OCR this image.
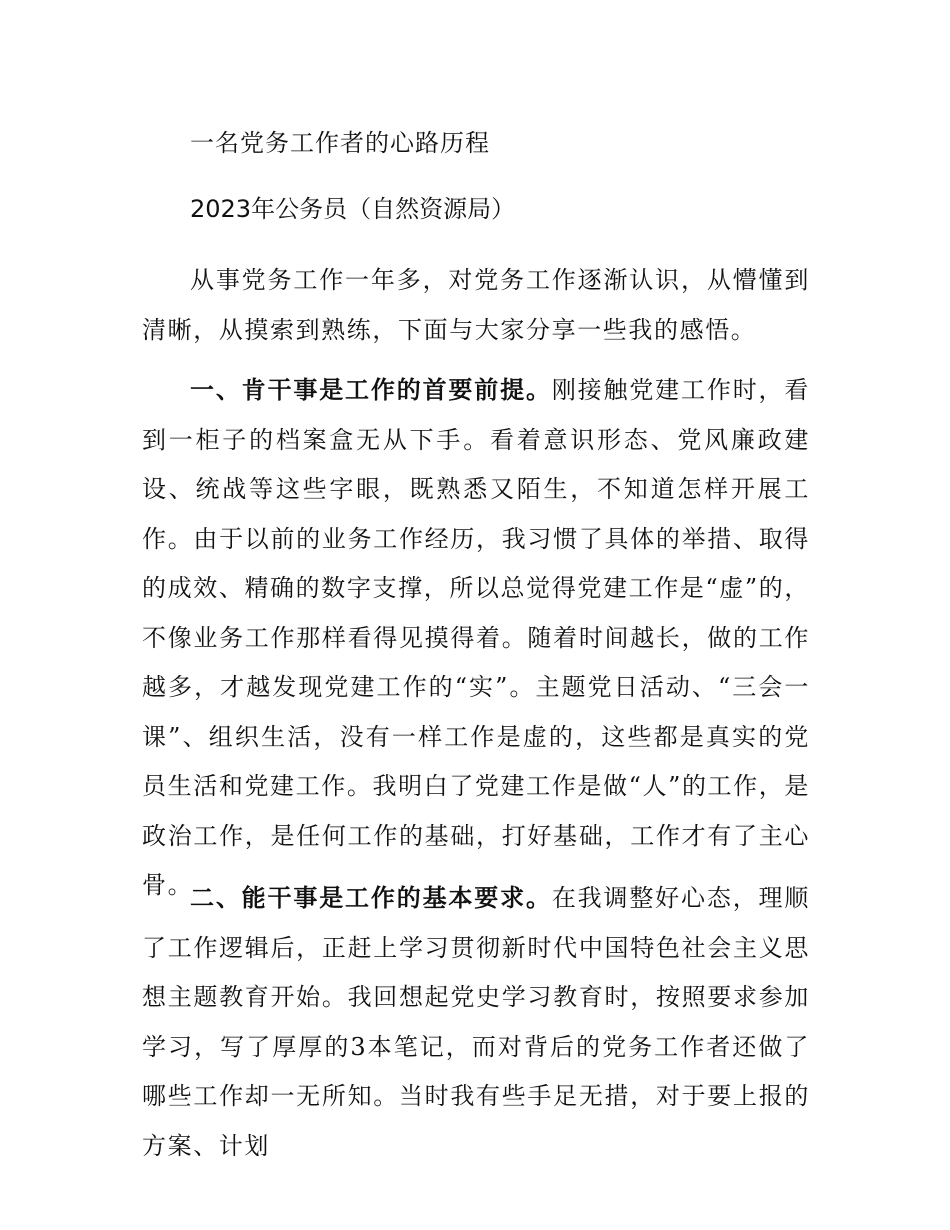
一名党务工作者的心路历程
2023年公务员（自然资源局）

从事党务工作一年多，对党务工作逐渐认识，从懵懂到清晰，从摸索到熟练，下面与大家分享一些我的感悟。

一、肯干事是工作的首要前提。刚接触党建工作时，看到一柜子的档案盒无从下手。看着意识形态、党风廉政建设、统战等这些字眼，既熟悉又陌生，不知道怎样开展工作。由于以前的业务工作经历，我习惯了具体的举措、取得的成效、精确的数字支撑，所以总觉得党建工作是“虚”的，不像业务工作那样看得见摸得着。随着时间越长，做的工作越多，才越发现党建工作的“实”。主题党日活动、“三会一课”、组织生活，没有一样工作是虚的，这些都是真实的党员生活和党建工作。我明白了党建工作是做“人”的工作，是政治工作，是任何工作的基础，打好基础，工作才有了主心骨。

二、能干事是工作的基本要求。在我调整好心态，理顺了工作逻辑后，正赶上学习贯彻新时代中国特色社会主义思想主题教育开始。我回想起党史学习教育时，按照要求参加学习，写了厚厚的3本笔记，而对背后的党务工作者还做了哪些工作却一无所知。当时我有些手足无措，对于要上报的方案、计划
